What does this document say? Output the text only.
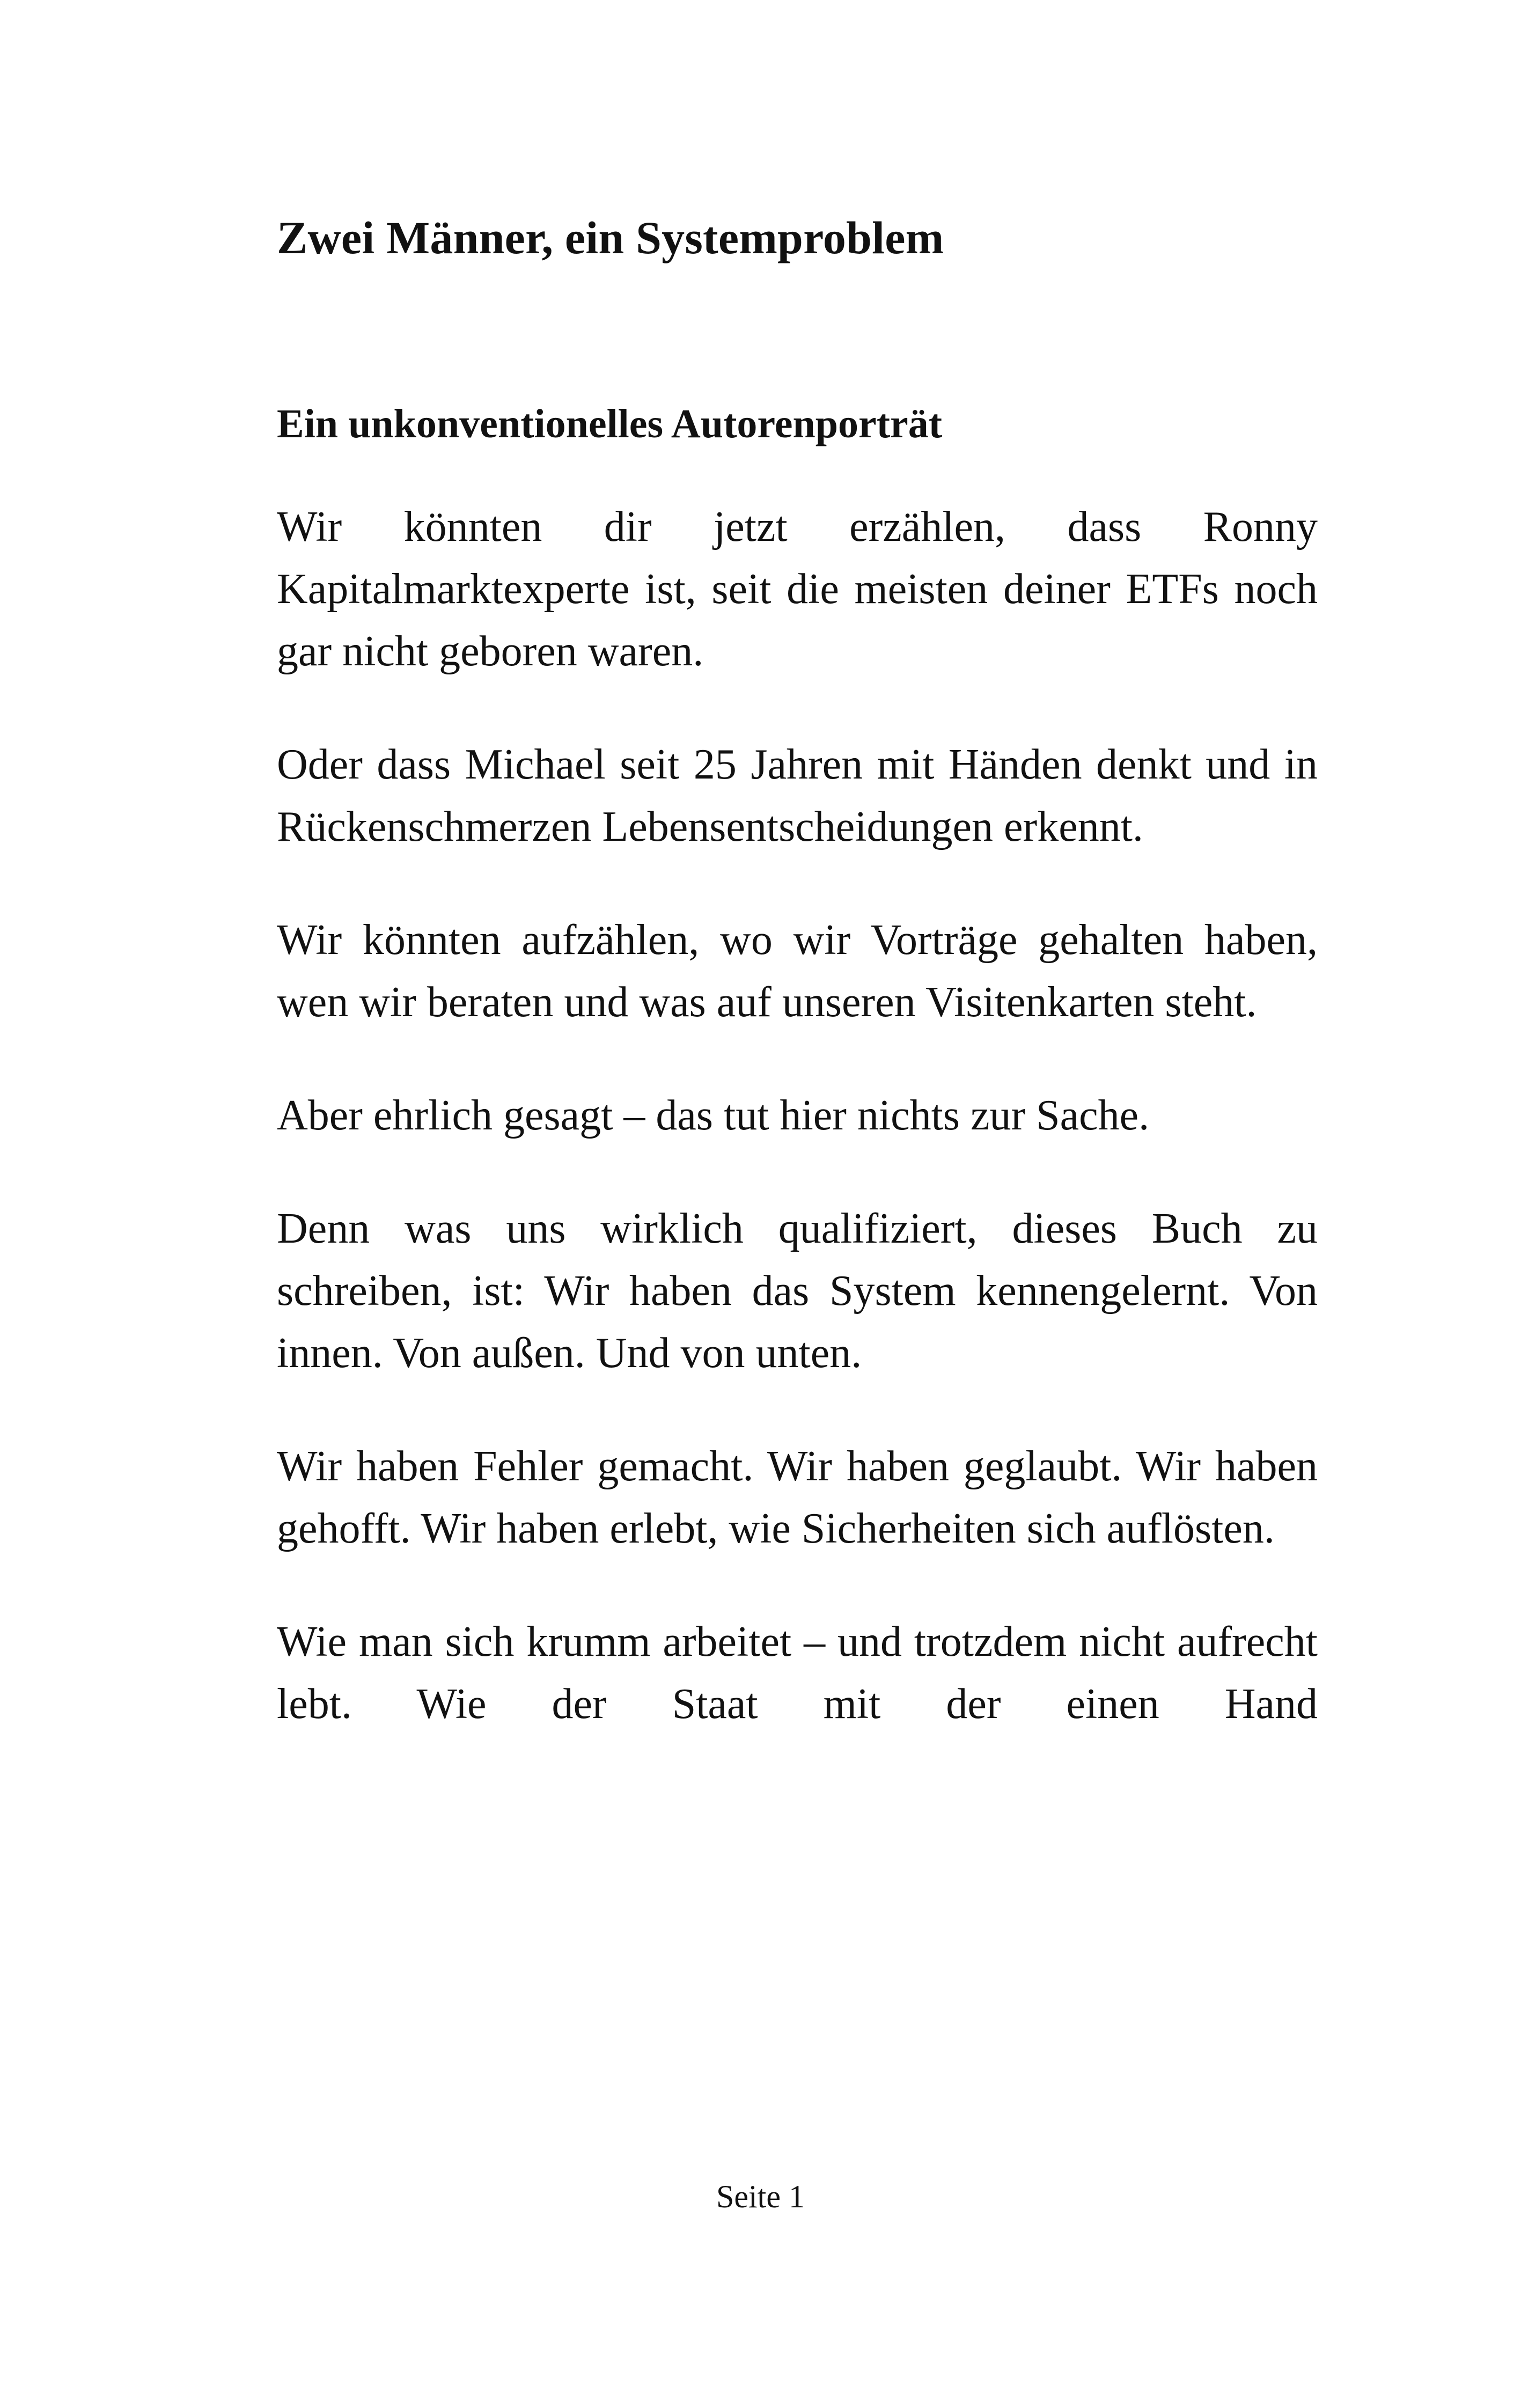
Zwei Männer, ein Systemproblem
Ein unkonventionelles Autorenporträt

Wir könnten dir jetzt erzählen, dass Ronny Kapitalmarktexperte ist, seit die meisten deiner ETFs noch gar nicht geboren waren.

Oder dass Michael seit 25 Jahren mit Händen denkt und in Rückenschmerzen Lebensentscheidungen erkennt.

Wir könnten aufzählen, wo wir Vorträge gehalten haben, wen wir beraten und was auf unseren Visitenkarten steht.

Aber ehrlich gesagt – das tut hier nichts zur Sache.

Denn was uns wirklich qualifiziert, dieses Buch zu schreiben, ist: Wir haben das System kennengelernt. Von innen. Von außen. Und von unten.

Wir haben Fehler gemacht. Wir haben geglaubt. Wir haben gehofft. Wir haben erlebt, wie Sicherheiten sich auflösten.

Wie man sich krumm arbeitet – und trotzdem nicht aufrecht lebt. Wie der Staat mit der einen Hand

Seite 1
